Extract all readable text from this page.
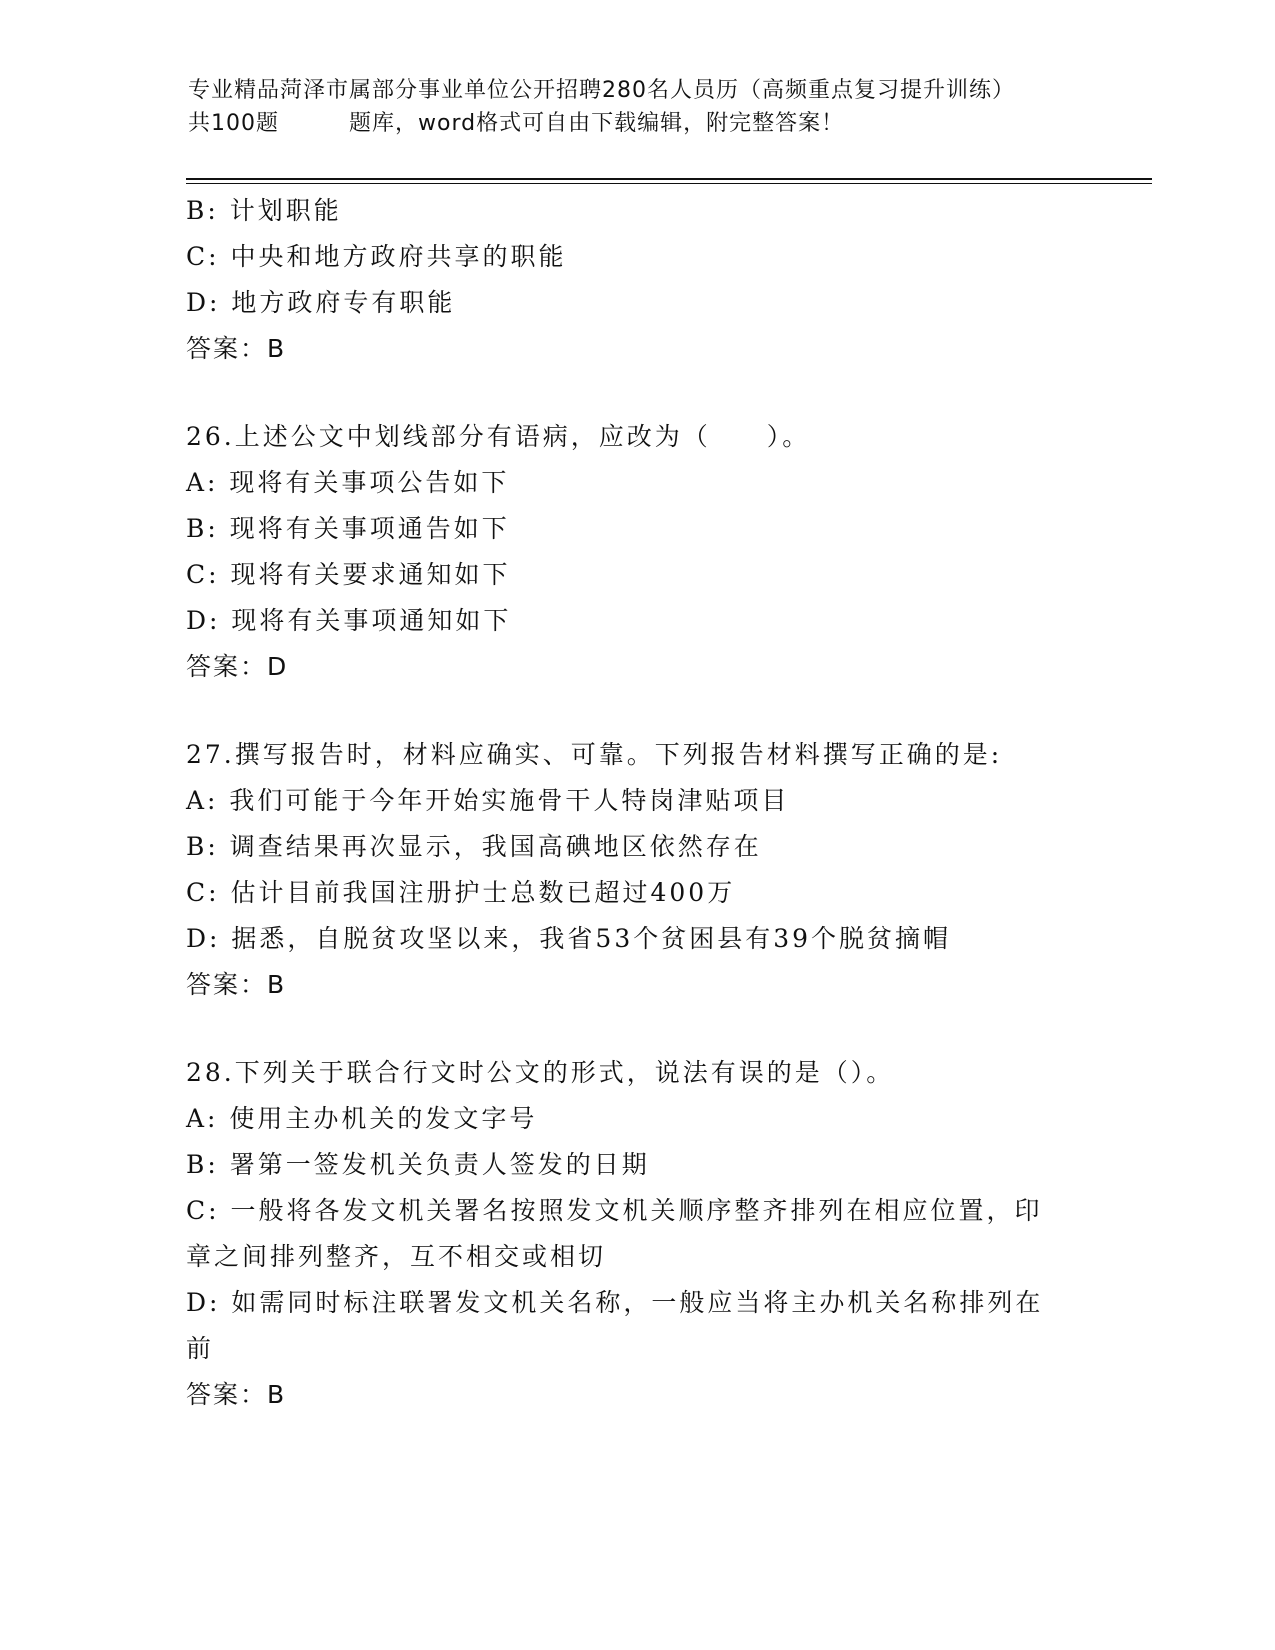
专业精品菏泽市属部分事业单位公开招聘280名人员历（高频重点复习提升训练）
共100题	题库，word格式可自由下载编辑，附完整答案！
B: 计划职能
C: 中央和地方政府共享的职能
D: 地方政府专有职能
答案：B
26.上述公文中划线部分有语病，应改为（　　）。
A: 现将有关事项公告如下
B: 现将有关事项通告如下
C: 现将有关要求通知如下
D: 现将有关事项通知如下
答案：D
27.撰写报告时，材料应确实、可靠。下列报告材料撰写正确的是:
A: 我们可能于今年开始实施骨干人特岗津贴项目
B: 调查结果再次显示，我国高碘地区依然存在
C: 估计目前我国注册护士总数已超过400万
D: 据悉，自脱贫攻坚以来，我省53个贫困县有39个脱贫摘帽
答案：B
28.下列关于联合行文时公文的形式，说法有误的是（）。
A: 使用主办机关的发文字号
B: 署第一签发机关负责人签发的日期
C: 一般将各发文机关署名按照发文机关顺序整齐排列在相应位置，印
章之间排列整齐，互不相交或相切
D: 如需同时标注联署发文机关名称，一般应当将主办机关名称排列在
前
答案：B
